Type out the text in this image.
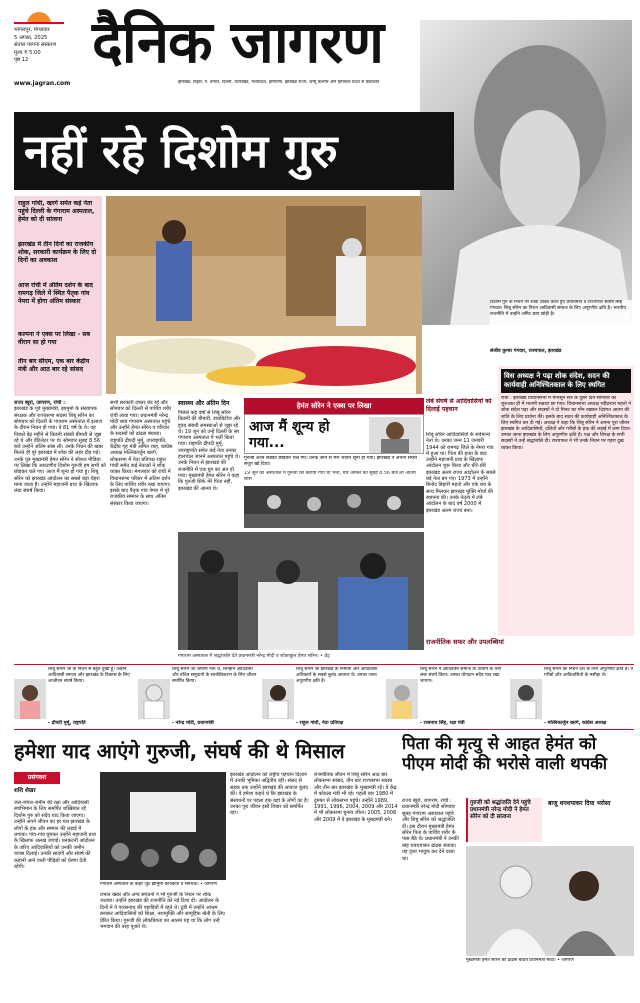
भागलपुर, मंगलवार
5 अगस्त, 2025
संताल परगना संस्करण
मूल्य ₹ 5.00
पृष्ठ 12
www.jagran.com
दैनिक जागरण
झारखंड, बिहार, प. बंगाल, दिल्ली, उत्तराखंड, मध्यप्रदेश, हरियाणा, झारखंड राज्य, जम्मू कश्मीर और हिमाचल प्रदेश से प्रकाशित
नहीं रहे दिशोम गुरु
राहुल गांधी, खरगे समेत कई नेता पहुंचे दिल्ली के गंगाराम अस्पताल, हेमंत को दी सांत्वना
झारखंड में तीन दिनों का राजकीय शोक, सरकारी कार्यक्रम के लिए दो दिनों का अवकाश
आज रांची में अंतिम दर्शन के बाद रामगढ़ जिले में स्थित पैतृक गांव नेमरा में होगा अंतिम संस्कार
कल्पना ने एक्स पर लिखा - सब वीरान सा हो गया
तीन बार सीएम, एक बार केंद्रीय मंत्री और आठ बार रहे सांसद
दिशोम गुरु के निधन पर शोक व्यक्त करते हुए प्रधानमंत्री व राज्यपाल संतोष सिंह गंगवार। शिबू सोरेन का निधन आदिवासी समाज के लिए अपूरणीय क्षति है। भारतीय राजनीति में उन्होंने अमिट छाप छोड़ी है।
संजीव कुमार गंगवार, राज्यपाल, झारखंड
विस अध्यक्ष ने पढ़ा शोक संदेश, सदन की कार्यवाही अनिश्चितकाल के लिए स्थगित
रांची : झारखंड विधानसभा में मानसून सत्र के दूसरे दिन सोमवार को शुरुआत ही में मातमी सन्नाटा छा गया। विधानसभा अध्यक्ष रवींद्रनाथ महतो ने शोक संदेश पढ़ा और सदस्यों ने दो मिनट का मौन रखकर दिवंगत आत्मा की शांति के लिए प्रार्थना की। इसके बाद सदन की कार्यवाही अनिश्चितकाल के लिए स्थगित कर दी गई। अध्यक्ष ने कहा कि शिबू सोरेन ने अपना पूरा जीवन झारखंड के आदिवासियों, दलितों और गरीबों के हक की लड़ाई में लगा दिया। उनका जाना झारखंड के लिए अपूरणीय क्षति है। पक्ष और विपक्ष के सभी सदस्यों ने उन्हें श्रद्धांजलि दी। राज्यपाल ने भी उनके निधन पर गहरा दुख व्यक्त किया।
हेमंत सोरेन ने एक्स पर लिखा
आज मैं शून्य हो गया...
गुरुजी आज सबको छोड़कर चले गए। उनके जाने से मेरा जीवन सूना हो गया। झारखंड ने अपना सच्चा सपूत खो दिया।
19 जून को अस्पताल में गुरुजी को कराया गया था भर्ती, चार अगस्त को सुबह 8.56 बजे ली अंतिम सांस
राज्य ब्यूरो, जागरण, रांची :
झारखंड के पूर्व मुख्यमंत्री, झामुमो के संस्थापक संरक्षक और राज्यसभा सदस्य शिबू सोरेन का सोमवार को दिल्ली के गंगाराम अस्पताल में इलाज के दौरान निधन हो गया। वे 81 वर्ष के थे। वह पिछले डेढ़ महीने से किडनी संबंधी बीमारी से जूझ रहे थे और वेंटिलेटर पर थे। सोमवार सुबह 8.56 बजे उन्होंने अंतिम सांस ली। उनके निधन की खबर मिलते ही पूरे झारखंड में शोक की लहर दौड़ गई। उनके पुत्र मुख्यमंत्री हेमंत सोरेन ने सोशल मीडिया पर लिखा कि आदरणीय दिशोम गुरुजी हम सभी को छोड़कर चले गए। आज मैं शून्य हो गया हूं। शिबू सोरेन को झारखंड आंदोलन का सबसे बड़ा चेहरा माना जाता है। उन्होंने महाजनी प्रथा के खिलाफ लंबा संघर्ष किया।
सभी सरकारी दफ्तर बंद रहे और सोमवार को दिल्ली से पार्थिव शरीर रांची लाया गया। प्रधानमंत्री नरेन्द्र मोदी स्वयं गंगाराम अस्पताल पहुंचे और उन्होंने हेमंत सोरेन व परिवार के सदस्यों को ढांढस बंधाया। राष्ट्रपति द्रौपदी मुर्मू, उपराष्ट्रपति, केंद्रीय गृह मंत्री अमित शाह, कांग्रेस अध्यक्ष मल्लिकार्जुन खरगे, लोकसभा में नेता प्रतिपक्ष राहुल गांधी समेत कई नेताओं ने शोक व्यक्त किया। मंगलवार को रांची में विधानसभा परिसर में अंतिम दर्शन के लिए पार्थिव शरीर रखा जाएगा। इसके बाद पैतृक गांव नेमरा में पूरे राजकीय सम्मान के साथ अंतिम संस्कार किया जाएगा।
स्वास्थ्य और अंतिम दिन
पिछले कई वर्षों से शिबू सोरेन किडनी की बीमारी, डायबिटीज और हृदय संबंधी समस्याओं से जूझ रहे थे। 19 जून को उन्हें दिल्ली के सर गंगाराम अस्पताल में भर्ती किया गया। राष्ट्रपति द्रौपदी मुर्मू, उपराष्ट्रपति समेत कई नेता उनका हालचाल जानने अस्पताल पहुंचे थे। उनके निधन से झारखंड की राजनीति में एक युग का अंत हो गया। मुख्यमंत्री हेमंत सोरेन ने कहा कि गुरुजी सिर्फ मेरे पिता नहीं, झारखंड की आत्मा थे।
शिबू सोरेन आदिवासियों के सर्वमान्य नेता थे। उनका जन्म 11 जनवरी 1944 को रामगढ़ जिले के नेमरा गांव में हुआ था। पिता की हत्या के बाद उन्होंने महाजनी प्रथा के खिलाफ आंदोलन शुरू किया और धीरे-धीरे झारखंड अलग राज्य आंदोलन के सबसे बड़े नेता बन गए। 1973 में उन्होंने बिनोद बिहारी महतो और एके राय के साथ मिलकर झारखंड मुक्ति मोर्चा की स्थापना की। उनके नेतृत्व में लंबे आंदोलन के बाद वर्ष 2000 में झारखंड अलग राज्य बना।
लंबे संघर्ष से आदिवासियों को दिलाई पहचान
राजनीतिक सफर और उपलब्धियां
गंगाराम अस्पताल में श्रद्धांजलि देते प्रधानमंत्री नरेन्द्र मोदी व शोकाकुल हेमंत सोरेन। • प्रेट्र
शिबू सोरेन जी के निधन से बहुत दुखी हूं। उन्होंने आदिवासी समाज और झारखंड के विकास के लिए आजीवन संघर्ष किया।
- द्रौपदी मुर्मू, राष्ट्रपति
शिबू सोरेन जी जमीनी नेता थे, जिन्होंने आदिवासी और वंचित समुदायों के सशक्तिकरण के लिए जीवन समर्पित किया।
- नरेन्द्र मोदी, प्रधानमंत्री
शिबू सोरेन जी झारखंड के निर्माता और आदिवासी अधिकारों के सबसे बुलंद आवाज थे। उनका जाना अपूरणीय क्षति है।
- राहुल गांधी, नेता प्रतिपक्ष
शिबू सोरेन ने आदिवासी समाज के उत्थान के लिए लंबा संघर्ष किया। उनका योगदान सदैव याद रखा जाएगा।
- राजनाथ सिंह, रक्षा मंत्री
शिबू सोरेन का निधन देश के लिए अपूरणीय क्षति है। वे गरीबों और आदिवासियों के मसीहा थे।
- मल्लिकार्जुन खरगे, कांग्रेस अध्यक्ष
हमेशा याद आएंगे गुरुजी, संघर्ष की थे मिसाल
प्रसंगवश
शशि शेखर
जल-जंगल-जमीन की रक्षा और आदिवासी स्वाभिमान के लिए समर्पित शख्सियत रहे दिशोम गुरु को सदैव याद किया जाएगा। उन्होंने अपने जीवन का हर पल झारखंड के लोगों के हक और सम्मान की लड़ाई में लगाया। गांव-गांव घूमकर उन्होंने महाजनी प्रथा के खिलाफ अलख जगाई। धनकटनी आंदोलन के जरिए आदिवासियों को उनकी जमीन वापस दिलाई। उनकी सादगी और संघर्ष की कहानी आने वाली पीढ़ियों को प्रेरणा देती रहेगी।
गंगाराम अस्पताल के बाहर जुटे झामुमो कार्यकर्ता व समर्थक। • जागरण
प्रभात खबर और अन्य संगठनों ने भी गुरुजी के निधन पर शोक जताया। उन्होंने झारखंड की राजनीति को नई दिशा दी। आंदोलन के दिनों में वे पारसनाथ की पहाड़ियों में रहते थे। टुंडी में उन्होंने आश्रम बनाकर आदिवासियों को शिक्षा, नशामुक्ति और सामूहिक खेती के लिए प्रेरित किया। गुरुजी की लोकप्रियता का आलम यह था कि लोग उन्हें भगवान की तरह पूजते थे।
झारखंड आंदोलन को राष्ट्रीय पहचान दिलाने में उनकी भूमिका अद्वितीय रही। संसद से सड़क तक उन्होंने झारखंड की आवाज बुलंद की। वे हमेशा कहते थे कि झारखंड के संसाधनों पर पहला हक यहां के लोगों का है। उनका पूरा जीवन इसी विचार को समर्पित रहा।
राजनीतिक जीवन में शिबू सोरेन आठ बार लोकसभा सांसद, तीन बार राज्यसभा सदस्य और तीन बार झारखंड के मुख्यमंत्री रहे। वे केंद्र में कोयला मंत्री भी रहे। पहली बार 1980 में दुमका से लोकसभा पहुंचे। उन्होंने 1989, 1991, 1996, 2004, 2009 और 2014 में भी लोकसभा चुनाव जीता। 2005, 2008 और 2009 में वे झारखंड के मुख्यमंत्री बने।
पिता की मृत्यु से आहत हेमंत को पीएम मोदी की भरोसे वाली थपकी
राज्य ब्यूरो, जागरण, रांची : प्रधानमंत्री नरेन्द्र मोदी सोमवार सुबह गंगाराम अस्पताल पहुंचे और शिबू सोरेन को श्रद्धांजलि दी। इस दौरान मुख्यमंत्री हेमंत सोरेन पिता के पार्थिव शरीर के पास बैठे थे। प्रधानमंत्री ने उनकी बांह थपथपाकर ढांढस बंधाया। यह दृश्य भावुक कर देने वाला था।
गुरुजी को श्रद्धांजलि देने पहुंचे प्रधानमंत्री नरेन्द्र मोदी ने हेमंत सोरेन को दी सांत्वना
बाजू थपथपाकर दिया भरोसा
मुख्यमंत्री हेमंत सोरेन को ढांढस बंधाते प्रधानमंत्री मोदी। • जागरण
